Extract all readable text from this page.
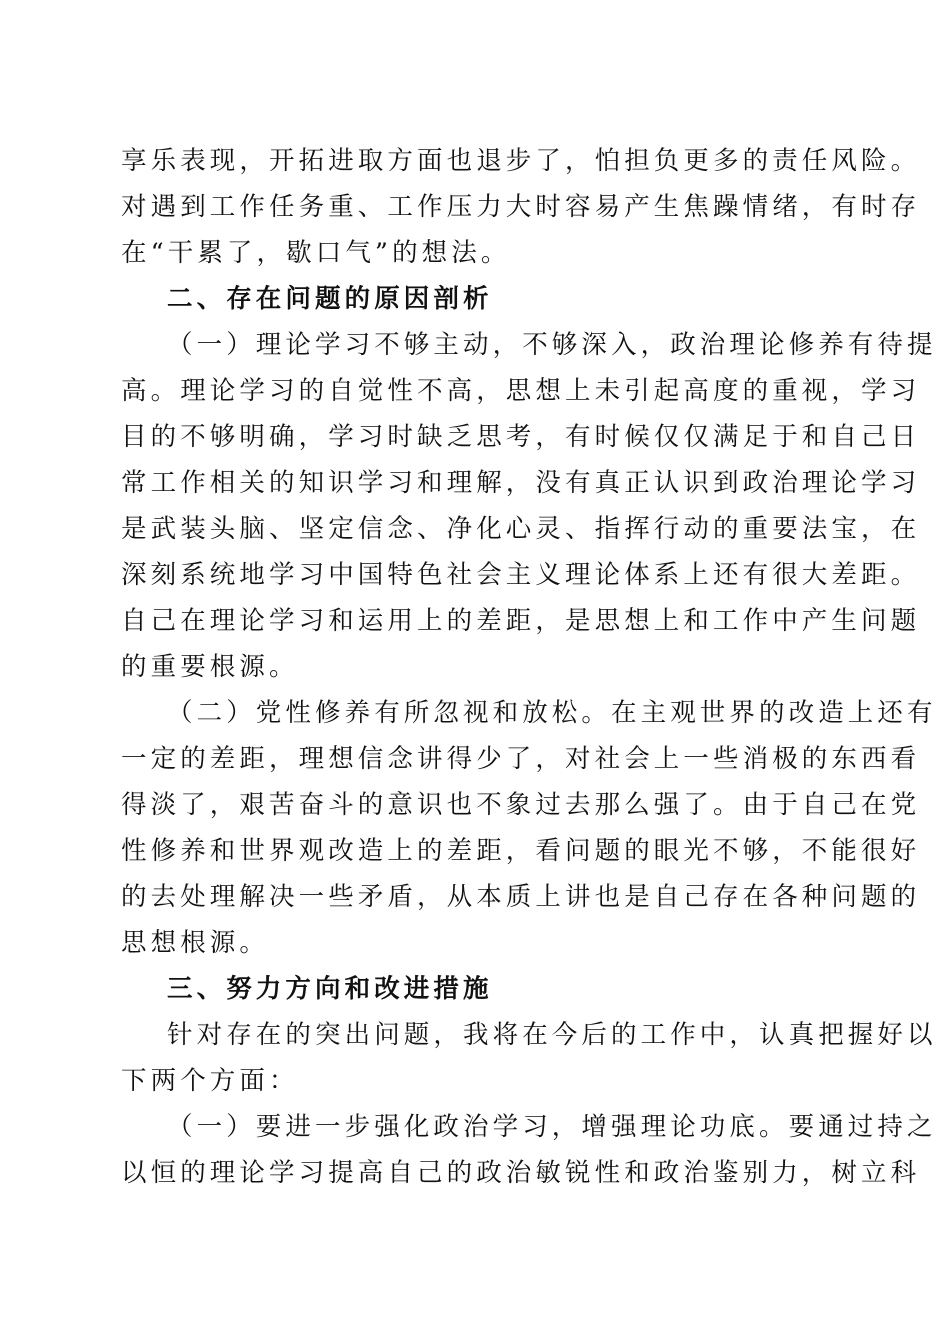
享乐表现，开拓进取方面也退步了，怕担负更多的责任风险。
对遇到工作任务重、工作压力大时容易产生焦躁情绪，有时存
在“干累了，歇口气”的想法。
二、存在问题的原因剖析
（一）理论学习不够主动，不够深入，政治理论修养有待提
高。理论学习的自觉性不高，思想上未引起高度的重视，学习
目的不够明确，学习时缺乏思考，有时候仅仅满足于和自己日
常工作相关的知识学习和理解，没有真正认识到政治理论学习
是武装头脑、坚定信念、净化心灵、指挥行动的重要法宝，在
深刻系统地学习中国特色社会主义理论体系上还有很大差距。
自己在理论学习和运用上的差距，是思想上和工作中产生问题
的重要根源。
（二）党性修养有所忽视和放松。在主观世界的改造上还有
一定的差距，理想信念讲得少了，对社会上一些消极的东西看
得淡了，艰苦奋斗的意识也不象过去那么强了。由于自己在党
性修养和世界观改造上的差距，看问题的眼光不够，不能很好
的去处理解决一些矛盾，从本质上讲也是自己存在各种问题的
思想根源。
三、努力方向和改进措施
针对存在的突出问题，我将在今后的工作中，认真把握好以
下两个方面：
（一）要进一步强化政治学习，增强理论功底。要通过持之
以恒的理论学习提高自己的政治敏锐性和政治鉴别力，树立科
